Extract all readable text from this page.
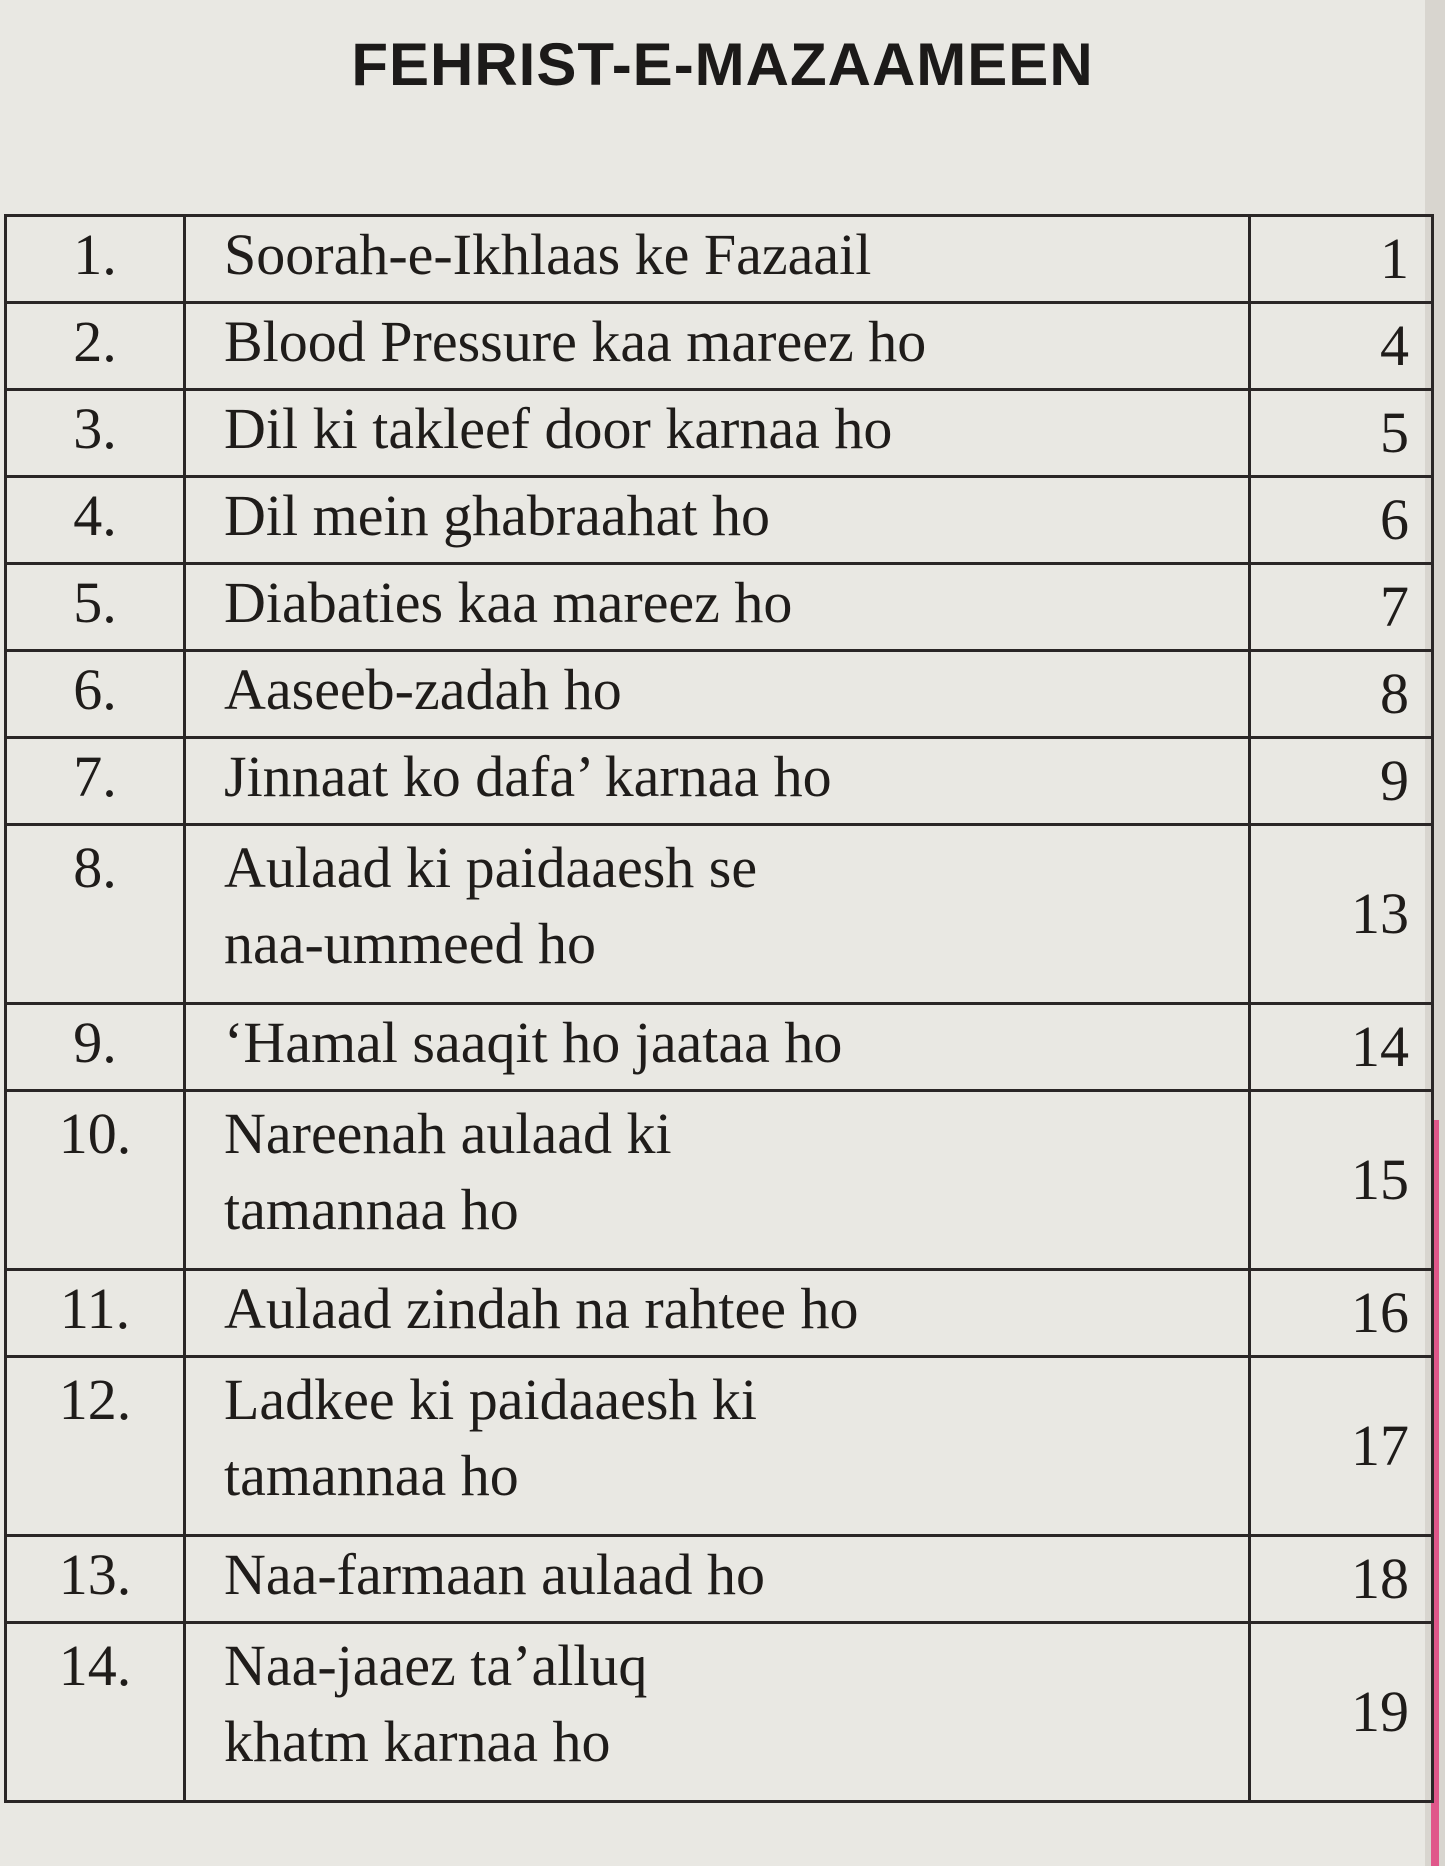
FEHRIST-E-MAZAAMEEN
1.	Soorah-e-Ikhlaas ke Fazaail	1
2.	Blood Pressure kaa mareez ho	4
3.	Dil ki takleef door karnaa ho	5
4.	Dil mein ghabraahat ho	6
5.	Diabaties kaa mareez ho	7
6.	Aaseeb-zadah ho	8
7.	Jinnaat ko dafa’ karnaa ho	9
8.	Aulaad ki paidaaesh se
naa-ummeed ho	13
9.	‘Hamal saaqit ho jaataa ho	14
10.	Nareenah aulaad ki
tamannaa ho	15
11.	Aulaad zindah na rahtee ho	16
12.	Ladkee ki paidaaesh ki
tamannaa ho	17
13.	Naa-farmaan aulaad ho	18
14.	Naa-jaaez ta’alluq
khatm karnaa ho	19
